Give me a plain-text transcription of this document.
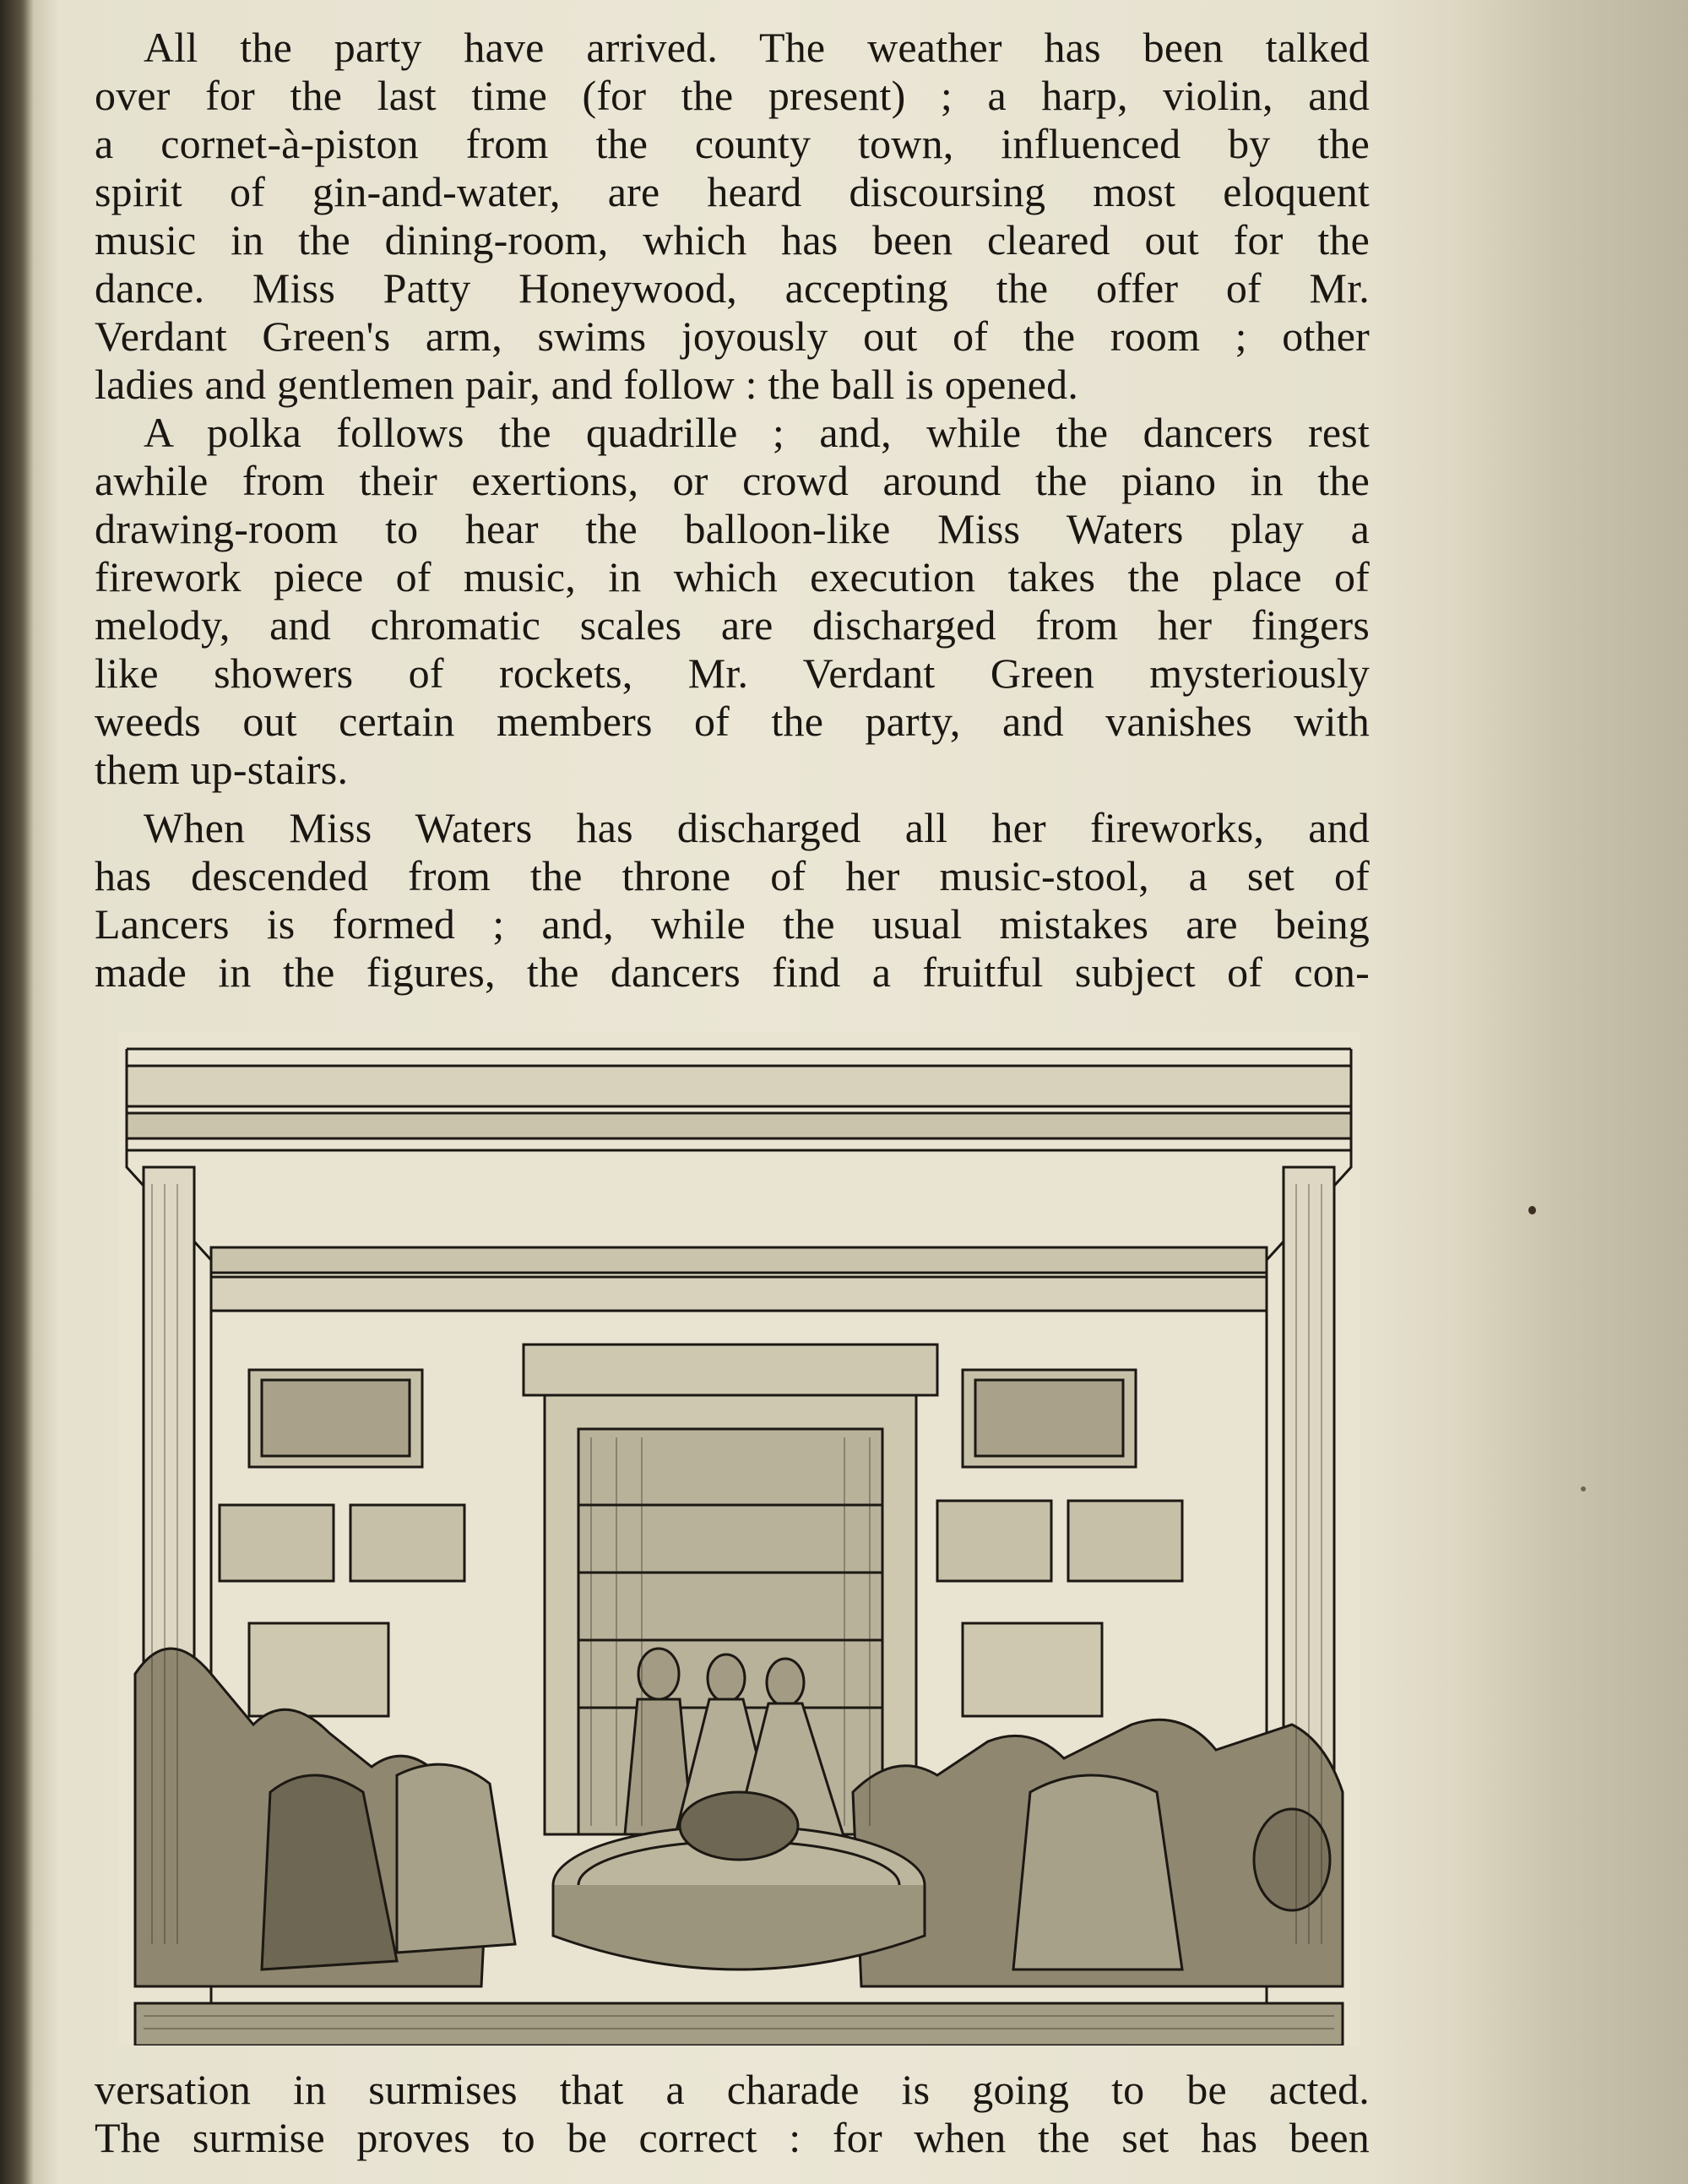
All the party have arrived. The weather has been talked
over for the last time (for the present) ; a harp, violin, and
a cornet-à-piston from the county town, influenced by the
spirit of gin-and-water, are heard discoursing most eloquent
music in the dining-room, which has been cleared out for the
dance. Miss Patty Honeywood, accepting the offer of Mr.
Verdant Green's arm, swims joyously out of the room ; other
ladies and gentlemen pair, and follow : the ball is opened.
A polka follows the quadrille ; and, while the dancers rest
awhile from their exertions, or crowd around the piano in the
drawing-room to hear the balloon-like Miss Waters play a
firework piece of music, in which execution takes the place of
melody, and chromatic scales are discharged from her fingers
like showers of rockets, Mr. Verdant Green mysteriously
weeds out certain members of the party, and vanishes with
them up-stairs.
When Miss Waters has discharged all her fireworks, and
has descended from the throne of her music-stool, a set of
Lancers is formed ; and, while the usual mistakes are being
made in the figures, the dancers find a fruitful subject of con-
versation in surmises that a charade is going to be acted.
The surmise proves to be correct : for when the set has been
